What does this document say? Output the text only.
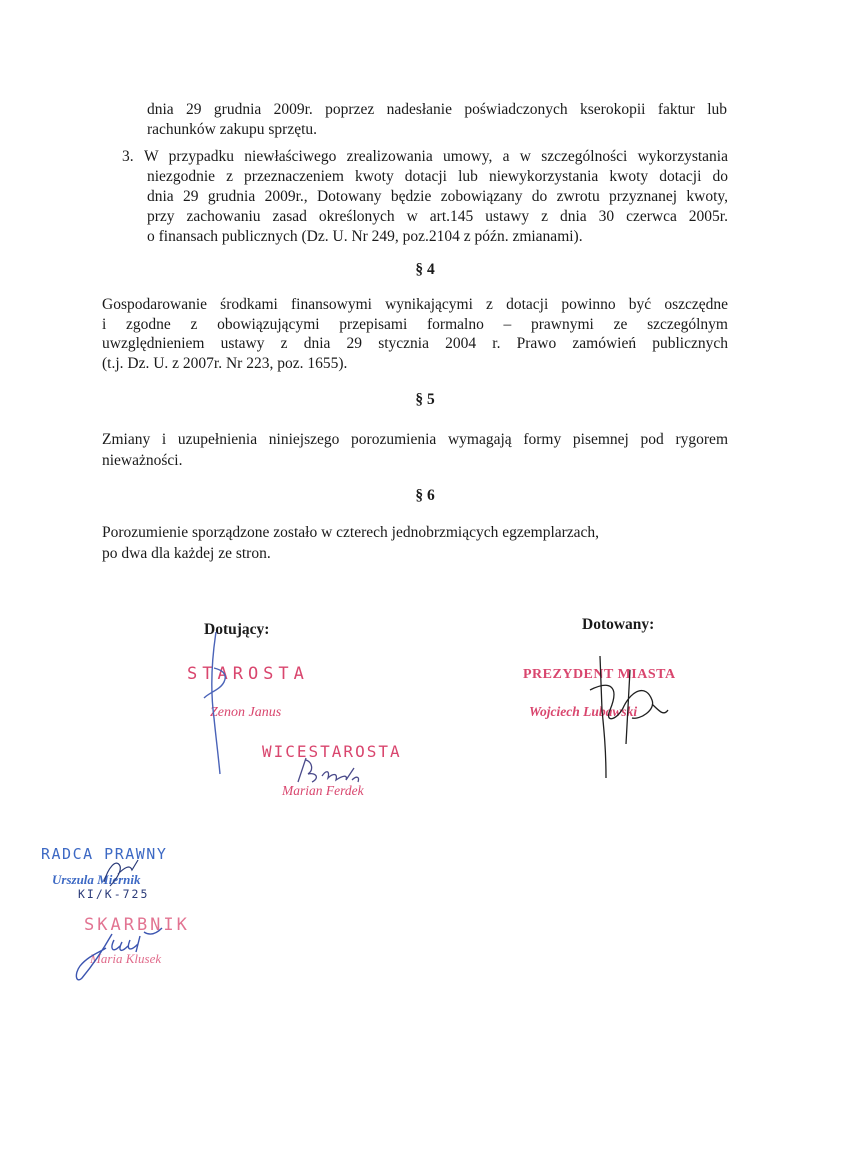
dnia 29 grudnia 2009r. poprzez nadesłanie poświadczonych kserokopii faktur lub
rachunków zakupu sprzętu.
3. W przypadku niewłaściwego zrealizowania umowy, a w szczególności wykorzystania
niezgodnie z przeznaczeniem kwoty dotacji lub niewykorzystania kwoty dotacji do
dnia 29 grudnia 2009r., Dotowany będzie zobowiązany do zwrotu przyznanej kwoty,
przy zachowaniu zasad określonych w art.145 ustawy z dnia 30 czerwca 2005r.
o finansach publicznych (Dz. U. Nr 249, poz.2104 z późn. zmianami).
§ 4
Gospodarowanie środkami finansowymi wynikającymi z dotacji powinno być oszczędne
i zgodne z obowiązującymi przepisami formalno – prawnymi ze szczególnym
uwzględnieniem ustawy z dnia 29 stycznia 2004 r. Prawo zamówień publicznych
(t.j. Dz. U. z 2007r. Nr 223, poz. 1655).
§ 5
Zmiany i uzupełnienia niniejszego porozumienia wymagają formy pisemnej pod rygorem
nieważności.
§ 6
Porozumienie sporządzone zostało w czterech jednobrzmiących egzemplarzach,
po dwa dla każdej ze stron.
Dotujący:	Dotowany:
STAROSTA
Zenon Janus
WICESTAROSTA
Marian Ferdek
PREZYDENT MIASTA
Wojciech Lubawski
RADCA PRAWNY
Urszula Miernik
KI/K-725
SKARBNIK
Maria Klusek
